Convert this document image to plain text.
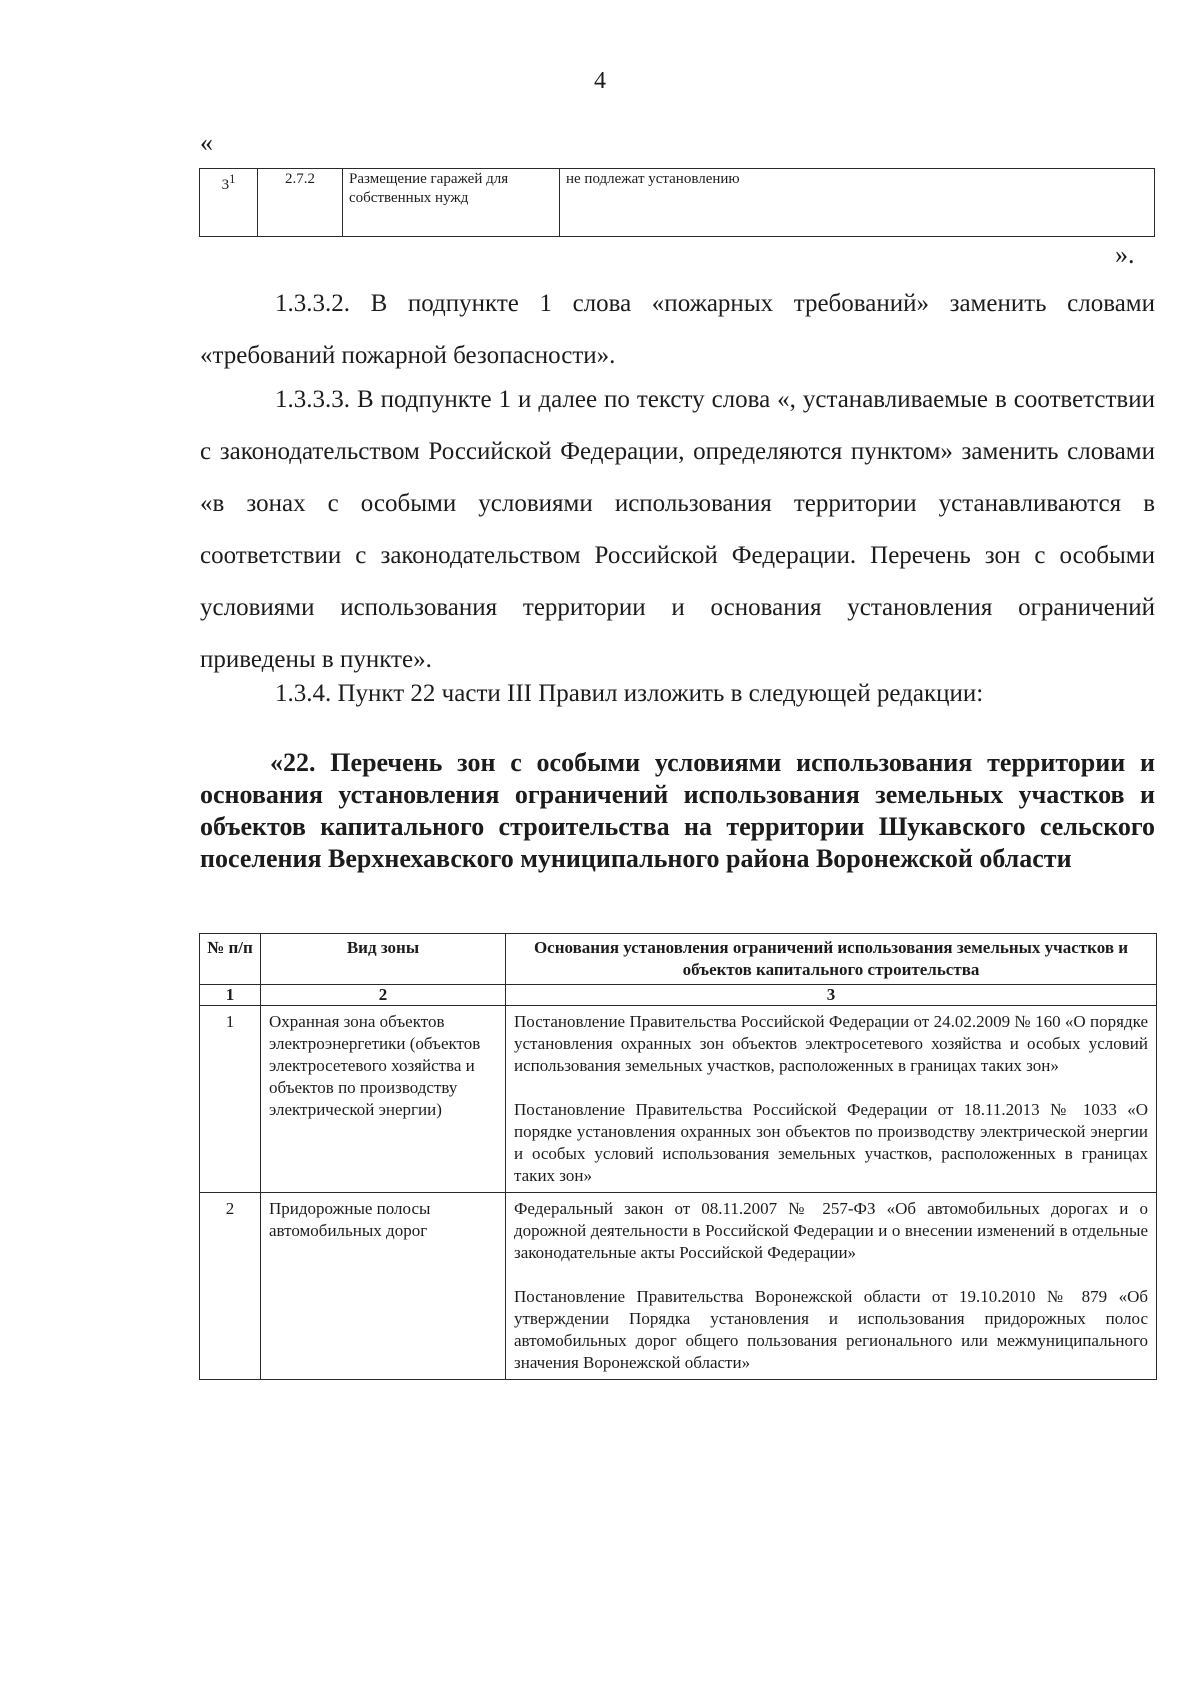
4
«
$3^1$	2.7.2	Размещение гаражей для собственных нужд	не подлежат установлению
».

1.3.3.2. В подпункте 1 слова «пожарных требований» заменить словами «требований пожарной безопасности».

1.3.3.3. В подпункте 1 и далее по тексту слова «, устанавливаемые в соответствии с законодательством Российской Федерации, определяются пунктом» заменить словами «в зонах с особыми условиями использования территории устанавливаются в соответствии с законодательством Российской Федерации. Перечень зон с особыми условиями использования территории и основания установления ограничений приведены в пункте».

1.3.4. Пункт 22 части III Правил изложить в следующей редакции:

«22. Перечень зон с особыми условиями использования территории и основания установления ограничений использования земельных участков и объектов капитального строительства на территории Шукавского сельского поселения Верхнехавского муниципального района Воронежской области

№ п/п	Вид зоны	Основания установления ограничений использования земельных участков и объектов капитального строительства
1	2	3
1	Охранная зона объектов электроэнергетики (объектов электросетевого хозяйства и объектов по производству электрической энергии)	Постановление Правительства Российской Федерации от 24.02.2009 № 160 «О порядке установления охранных зон объектов электросетевого хозяйства и особых условий использования земельных участков, расположенных в границах таких зон»

Постановление Правительства Российской Федерации от 18.11.2013 № 1033 «О порядке установления охранных зон объектов по производству электрической энергии и особых условий использования земельных участков, расположенных в границах таких зон»

2	Придорожные полосы автомобильных дорог	Федеральный закон от 08.11.2007 № 257-ФЗ «Об автомобильных дорогах и о дорожной деятельности в Российской Федерации и о внесении изменений в отдельные законодательные акты Российской Федерации»

Постановление Правительства Воронежской области от 19.10.2010 № 879 «Об утверждении Порядка установления и использования придорожных полос автомобильных дорог общего пользования регионального или межмуниципального значения Воронежской области»
